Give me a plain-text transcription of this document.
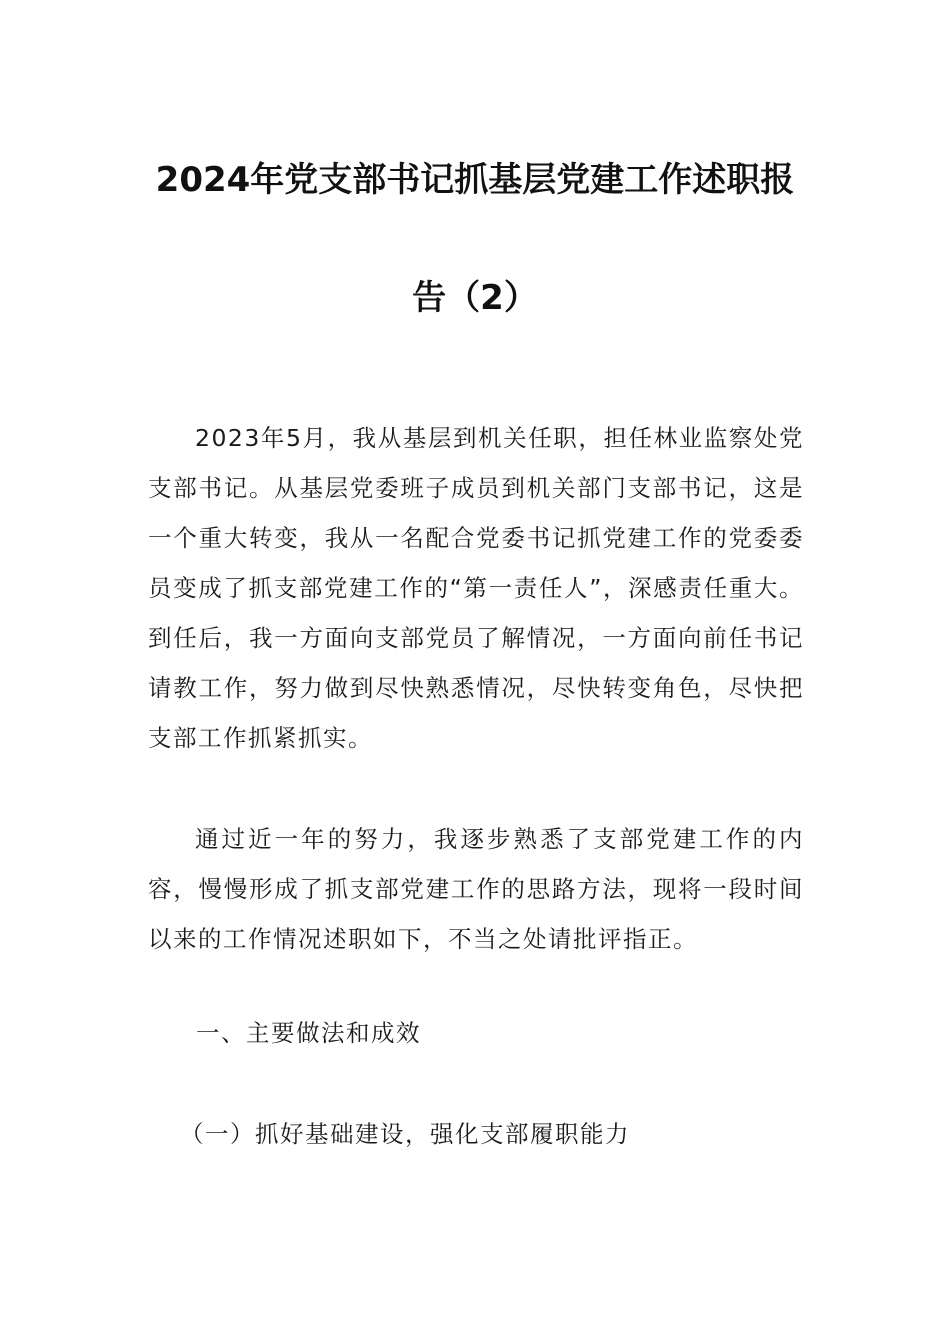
2024年党支部书记抓基层党建工作述职报
告（2）

2023年5月，我从基层到机关任职，担任林业监察处党支部书记。从基层党委班子成员到机关部门支部书记，这是一个重大转变，我从一名配合党委书记抓党建工作的党委委员变成了抓支部党建工作的“第一责任人”，深感责任重大。到任后，我一方面向支部党员了解情况，一方面向前任书记请教工作，努力做到尽快熟悉情况，尽快转变角色，尽快把支部工作抓紧抓实。

通过近一年的努力，我逐步熟悉了支部党建工作的内容，慢慢形成了抓支部党建工作的思路方法，现将一段时间以来的工作情况述职如下，不当之处请批评指正。

一、主要做法和成效
（一）抓好基础建设，强化支部履职能力
